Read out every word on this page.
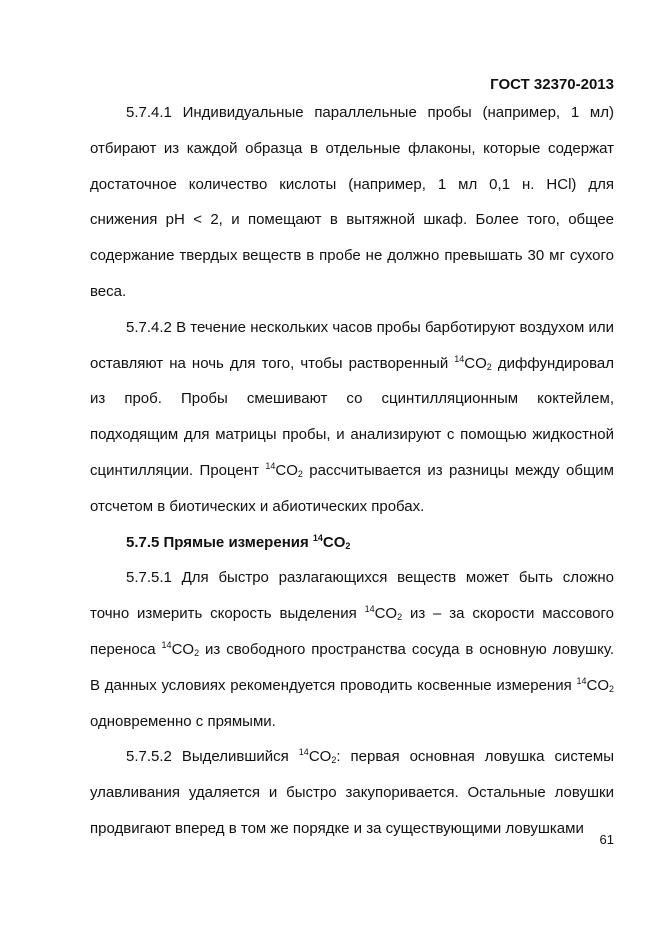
ГОСТ 32370-2013

5.7.4.1 Индивидуальные параллельные пробы (например, 1 мл) отбирают из каждой образца в отдельные флаконы, которые содержат достаточное количество кислоты (например, 1 мл 0,1 н. HCl) для снижения pH < 2, и помещают в вытяжной шкаф. Более того, общее содержание твердых веществ в пробе не должно превышать 30 мг сухого веса.

5.7.4.2 В течение нескольких часов пробы барботируют воздухом или оставляют на ночь для того, чтобы растворенный $^{14}CO_2$ диффундировал из проб. Пробы смешивают со сцинтилляционным коктейлем, подходящим для матрицы пробы, и анализируют с помощью жидкостной сцинтилляции. Процент $^{14}CO_2$ рассчитывается из разницы между общим отсчетом в биотических и абиотических пробах.

5.7.5 Прямые измерения $^{14}CO_2$

5.7.5.1 Для быстро разлагающихся веществ может быть сложно точно измерить скорость выделения $^{14}CO_2$ из – за скорости массового переноса $^{14}CO_2$ из свободного пространства сосуда в основную ловушку. В данных условиях рекомендуется проводить косвенные измерения $^{14}CO_2$ одновременно с прямыми.

5.7.5.2 Выделившийся $^{14}CO_2$: первая основная ловушка системы улавливания удаляется и быстро закупоривается. Остальные ловушки продвигают вперед в том же порядке и за существующими ловушками

61
